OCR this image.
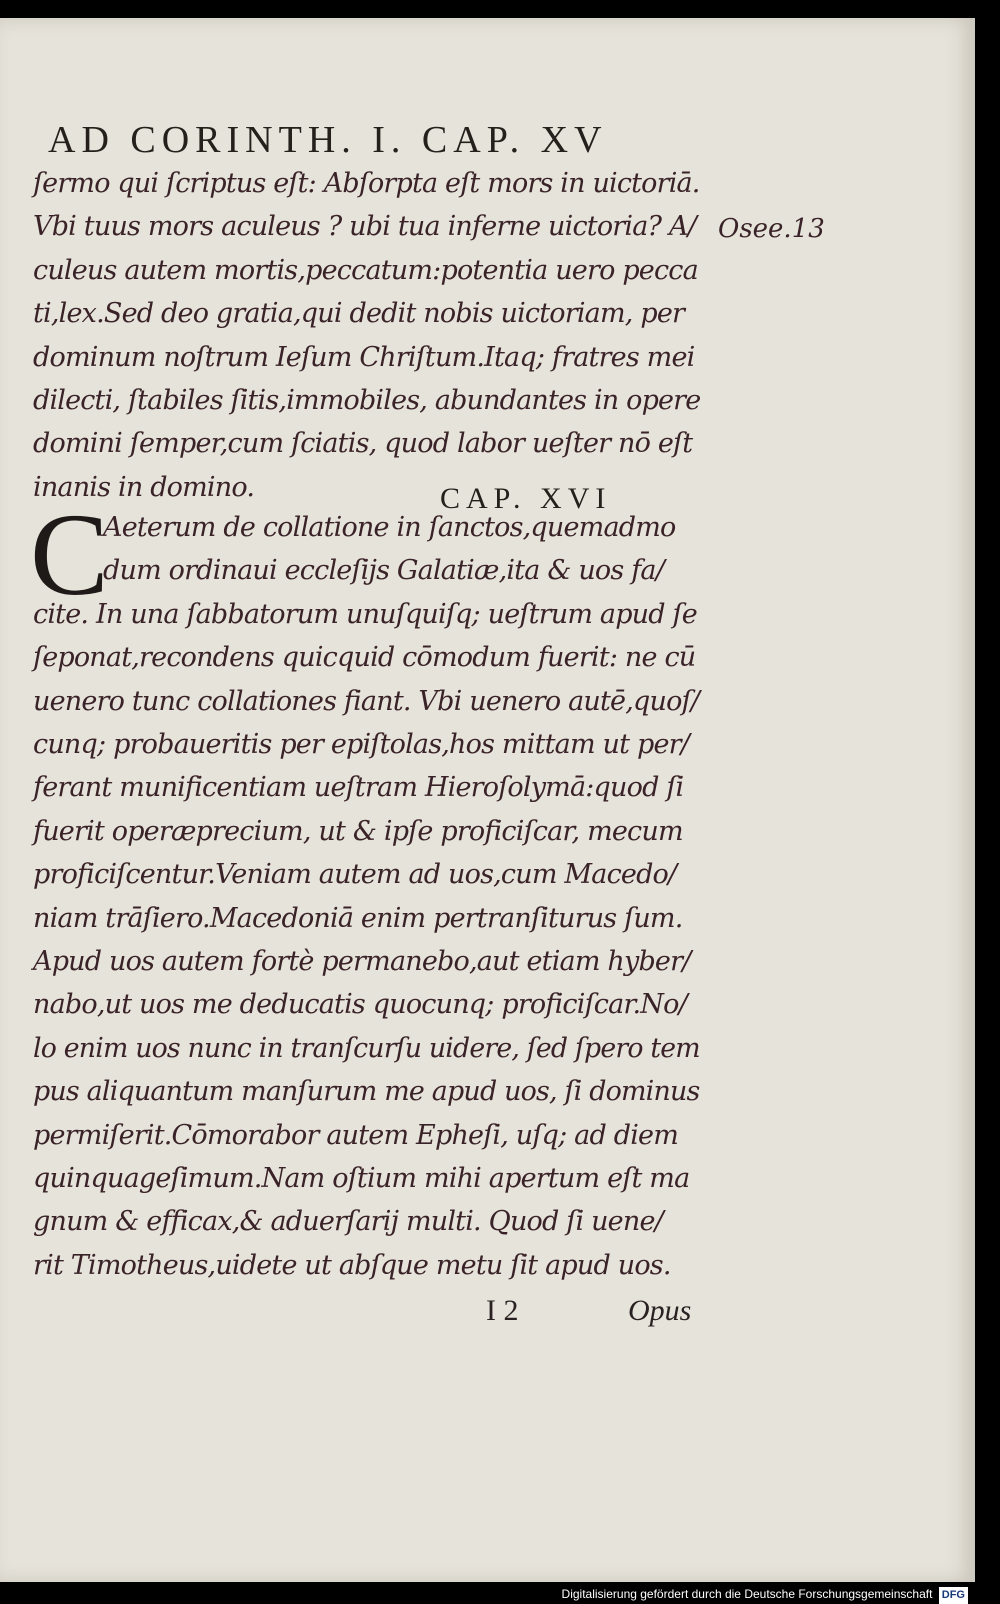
AD CORINTH. I. CAP. XV
Osee.13
ſermo qui ſcriptus eſt: Abſorpta eſt mors in uictoriā.
Vbi tuus mors aculeus ? ubi tua inferne uictoria? A/
culeus autem mortis,peccatum:potentia uero pecca
ti,lex.Sed deo gratia,qui dedit nobis uictoriam, per
dominum noſtrum Ieſum Chriſtum.Itaq; fratres mei
dilecti, ſtabiles ſitis,immobiles, abundantes in opere
domini ſemper,cum ſciatis, quod labor ueſter nō eſt
inanis in domino.	CAP. XVI
C
Aeterum de collatione in ſanctos,quemadmo
dum ordinaui eccleſijs Galatiæ,ita & uos fa/
cite. In una ſabbatorum unuſquiſq; ueſtrum apud ſe
ſeponat,recondens quicquid cōmodum fuerit: ne cū
uenero tunc collationes fiant. Vbi uenero autē,quoſ/
cunq; probaueritis per epiſtolas,hos mittam ut per/
ferant munificentiam ueſtram Hieroſolymā:quod ſi
fuerit operæprecium, ut & ipſe proficiſcar, mecum
proficiſcentur.Veniam autem ad uos,cum Macedo/
niam trāſiero.Macedoniā enim pertranſiturus ſum.
Apud uos autem fortè permanebo,aut etiam hyber/
nabo,ut uos me deducatis quocunq; proficiſcar.No/
lo enim uos nunc in tranſcurſu uidere, ſed ſpero tem
pus aliquantum manſurum me apud uos, ſi dominus
permiſerit.Cōmorabor autem Epheſi, uſq; ad diem
quinquageſimum.Nam oſtium mihi apertum eſt ma
gnum & efficax,& aduerſarij multi. Quod ſi uene/
rit Timotheus,uidete ut abſque metu ſit apud uos.
I 2	Opus
Digitalisierung gefördert durch die Deutsche Forschungsgemeinschaft DFG
